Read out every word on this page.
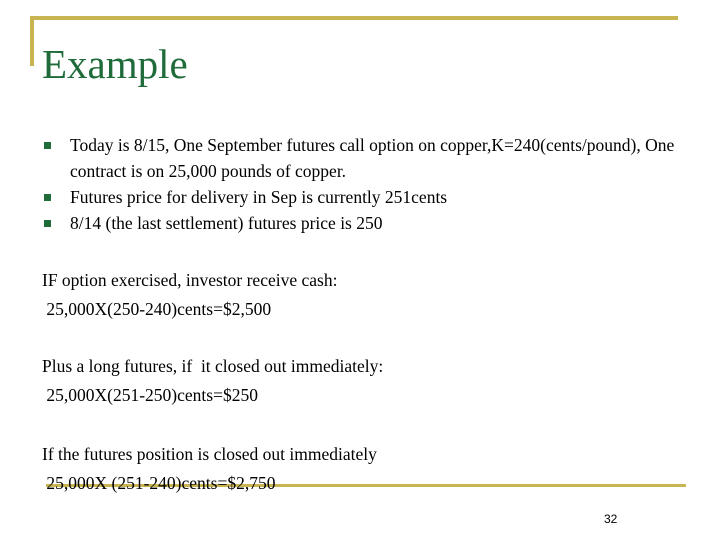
Example
Today is 8/15, One September futures call option on copper,K=240(cents/pound), One contract is on 25,000 pounds of copper.
Futures price for delivery in Sep is currently 251cents
8/14 (the last settlement) futures price is 250
IF option exercised, investor receive cash:
25,000X(250-240)cents=$2,500
Plus a long futures, if  it closed out immediately:
25,000X(251-250)cents=$250
If the futures position is closed out immediately
25,000X (251-240)cents=$2,750
32
